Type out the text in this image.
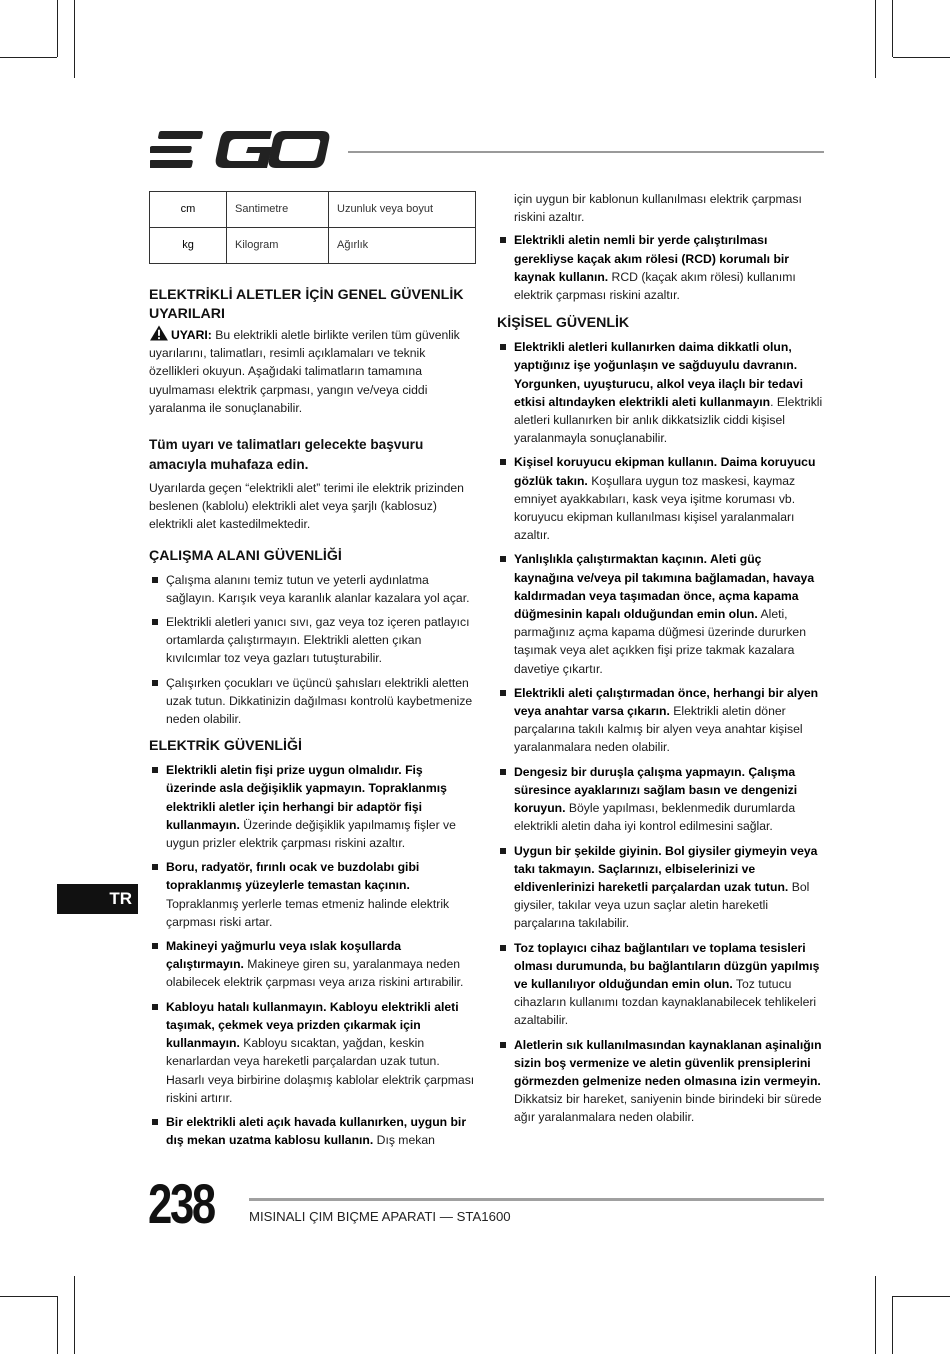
cm	Santimetre	Uzunluk veya boyut
kg	Kilogram	Ağırlık
ELEKTRİKLİ ALETLER İÇİN GENEL GÜVENLİK UYARILARI

UYARI: Bu elektrikli aletle birlikte verilen tüm güvenlik uyarılarını, talimatları, resimli açıklamaları ve teknik özellikleri okuyun. Aşağıdaki talimatların tamamına uyulmaması elektrik çarpması, yangın ve/veya ciddi yaralanma ile sonuçlanabilir.

Tüm uyarı ve talimatları gelecekte başvuru amacıyla muhafaza edin.

Uyarılarda geçen “elektrikli alet” terimi ile elektrik prizinden beslenen (kablolu) elektrikli alet veya şarjlı (kablosuz) elektrikli alet kastedilmektedir.

ÇALIŞMA ALANI GÜVENLİĞİ
Çalışma alanını temiz tutun ve yeterli aydınlatma sağlayın. Karışık veya karanlık alanlar kazalara yol açar.
Elektrikli aletleri yanıcı sıvı, gaz veya toz içeren patlayıcı ortamlarda çalıştırmayın. Elektrikli aletten çıkan kıvılcımlar toz veya gazları tutuşturabilir.
Çalışırken çocukları ve üçüncü şahısları elektrikli aletten uzak tutun. Dikkatinizin dağılması kontrolü kaybetmenize neden olabilir.
ELEKTRİK GÜVENLİĞİ
Elektrikli aletin fişi prize uygun olmalıdır. Fiş üzerinde asla değişiklik yapmayın. Topraklanmış elektrikli aletler için herhangi bir adaptör fişi kullanmayın. Üzerinde değişiklik yapılmamış fişler ve uygun prizler elektrik çarpması riskini azaltır.
Boru, radyatör, fırınlı ocak ve buzdolabı gibi topraklanmış yüzeylerle temastan kaçının. Topraklanmış yerlerle temas etmeniz halinde elektrik çarpması riski artar.
Makineyi yağmurlu veya ıslak koşullarda çalıştırmayın. Makineye giren su, yaralanmaya neden olabilecek elektrik çarpması veya arıza riskini artırabilir.
Kabloyu hatalı kullanmayın. Kabloyu elektrikli aleti taşımak, çekmek veya prizden çıkarmak için kullanmayın. Kabloyu sıcaktan, yağdan, keskin kenarlardan veya hareketli parçalardan uzak tutun. Hasarlı veya birbirine dolaşmış kablolar elektrik çarpması riskini artırır.
Bir elektrikli aleti açık havada kullanırken, uygun bir dış mekan uzatma kablosu kullanın. Dış mekan

için uygun bir kablonun kullanılması elektrik çarpması riskini azaltır.

Elektrikli aletin nemli bir yerde çalıştırılması gerekliyse kaçak akım rölesi (RCD) korumalı bir kaynak kullanın. RCD (kaçak akım rölesi) kullanımı elektrik çarpması riskini azaltır.
KİŞİSEL GÜVENLİK
Elektrikli aletleri kullanırken daima dikkatli olun, yaptığınız işe yoğunlaşın ve sağduyulu davranın. Yorgunken, uyuşturucu, alkol veya ilaçlı bir tedavi etkisi altındayken elektrikli aleti kullanmayın. Elektrikli aletleri kullanırken bir anlık dikkatsizlik ciddi kişisel yaralanmayla sonuçlanabilir.
Kişisel koruyucu ekipman kullanın. Daima koruyucu gözlük takın. Koşullara uygun toz maskesi, kaymaz emniyet ayakkabıları, kask veya işitme koruması vb. koruyucu ekipman kullanılması kişisel yaralanmaları azaltır.
Yanlışlıkla çalıştırmaktan kaçının. Aleti güç kaynağına ve/veya pil takımına bağlamadan, havaya kaldırmadan veya taşımadan önce, açma kapama düğmesinin kapalı olduğundan emin olun. Aleti, parmağınız açma kapama düğmesi üzerinde dururken taşımak veya alet açıkken fişi prize takmak kazalara davetiye çıkartır.
Elektrikli aleti çalıştırmadan önce, herhangi bir alyen veya anahtar varsa çıkarın. Elektrikli aletin döner parçalarına takılı kalmış bir alyen veya anahtar kişisel yaralanmalara neden olabilir.
Dengesiz bir duruşla çalışma yapmayın. Çalışma süresince ayaklarınızı sağlam basın ve dengenizi koruyun. Böyle yapılması, beklenmedik durumlarda elektrikli aletin daha iyi kontrol edilmesini sağlar.
Uygun bir şekilde giyinin. Bol giysiler giymeyin veya takı takmayın. Saçlarınızı, elbiselerinizi ve eldivenlerinizi hareketli parçalardan uzak tutun. Bol giysiler, takılar veya uzun saçlar aletin hareketli parçalarına takılabilir.
Toz toplayıcı cihaz bağlantıları ve toplama tesisleri olması durumunda, bu bağlantıların düzgün yapılmış ve kullanılıyor olduğundan emin olun. Toz tutucu cihazların kullanımı tozdan kaynaklanabilecek tehlikeleri azaltabilir.
Aletlerin sık kullanılmasından kaynaklanan aşinalığın sizin boş vermenize ve aletin güvenlik prensiplerini görmezden gelmenize neden olmasına izin vermeyin. Dikkatsiz bir hareket, saniyenin binde birindeki bir sürede ağır yaralanmalara neden olabilir.
TR
238	MISINALI ÇIM BIÇME APARATI — STA1600
